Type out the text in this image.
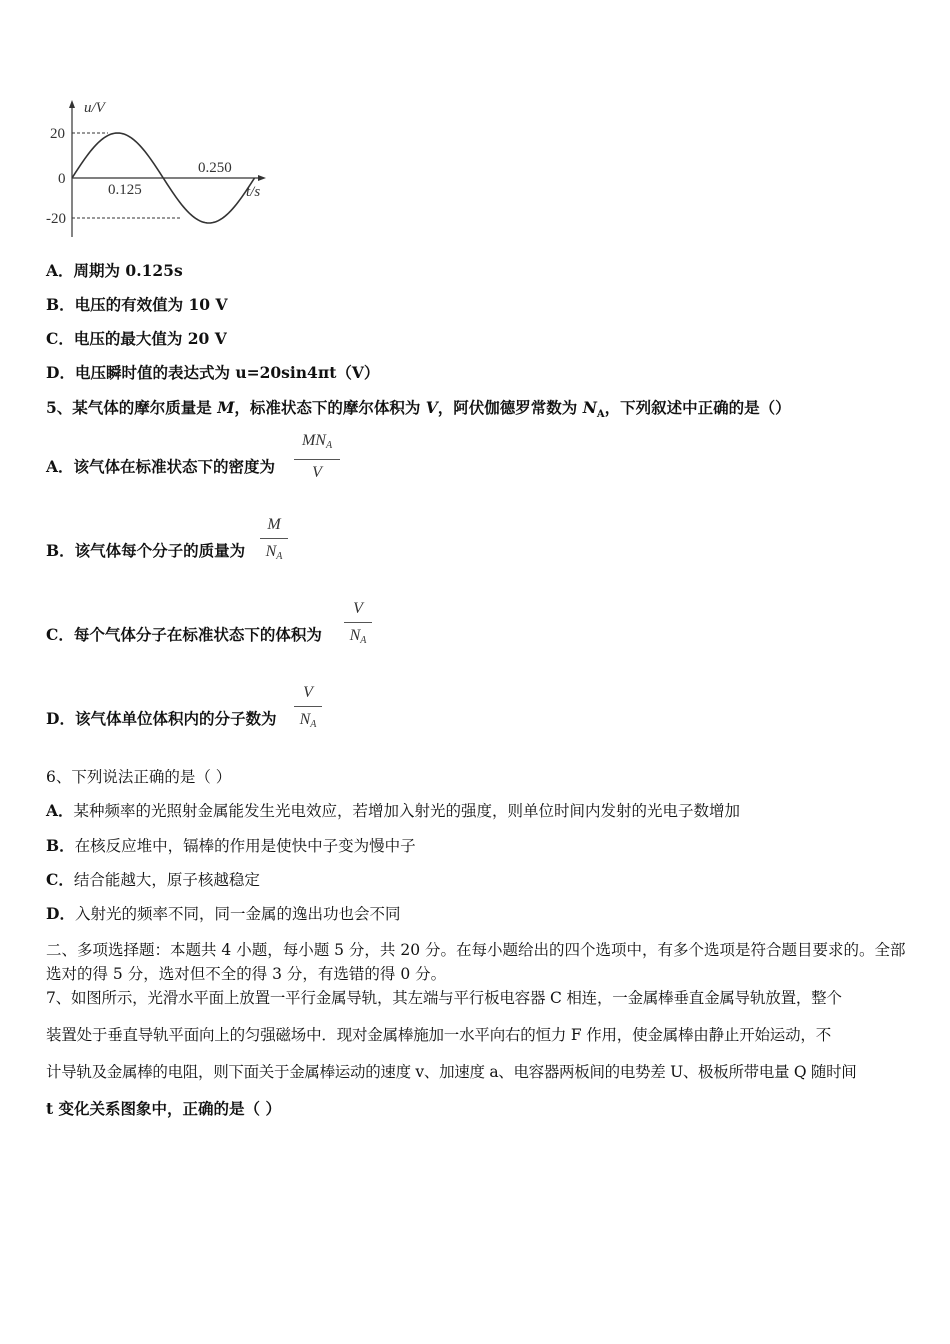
u/V
t/s
20
0
-20
0.125
0.250
A．周期为 0.125s
B．电压的有效值为 10 V
C．电压的最大值为 20 V
D．电压瞬时值的表达式为 u=20sin4πt（V）
5、某气体的摩尔质量是 M，标准状态下的摩尔体积为 V，阿伏伽德罗常数为 $N_A$，下列叙述中正确的是（）
A．该气体在标准状态下的密度为
$MN_A$
V
B．该气体每个分子的质量为
M
$N_A$
C．每个气体分子在标准状态下的体积为
V
$N_A$
D．该气体单位体积内的分子数为
V
$N_A$
6、下列说法正确的是（ ）
A．某种频率的光照射金属能发生光电效应，若增加入射光的强度，则单位时间内发射的光电子数增加
B．在核反应堆中，镉棒的作用是使快中子变为慢中子
C．结合能越大，原子核越稳定
D．入射光的频率不同，同一金属的逸出功也会不同
二、多项选择题：本题共 4 小题，每小题 5 分，共 20 分。在每小题给出的四个选项中，有多个选项是符合题目要求的。全部选对的得 5 分，选对但不全的得 3 分，有选错的得 0 分。
7、如图所示，光滑水平面上放置一平行金属导轨，其左端与平行板电容器 C 相连，一金属棒垂直金属导轨放置，整个
装置处于垂直导轨平面向上的匀强磁场中．现对金属棒施加一水平向右的恒力 F 作用，使金属棒由静止开始运动，不
计导轨及金属棒的电阻，则下面关于金属棒运动的速度 v、加速度 a、电容器两板间的电势差 U、极板所带电量 Q 随时间
t 变化关系图象中，正确的是（ ）
